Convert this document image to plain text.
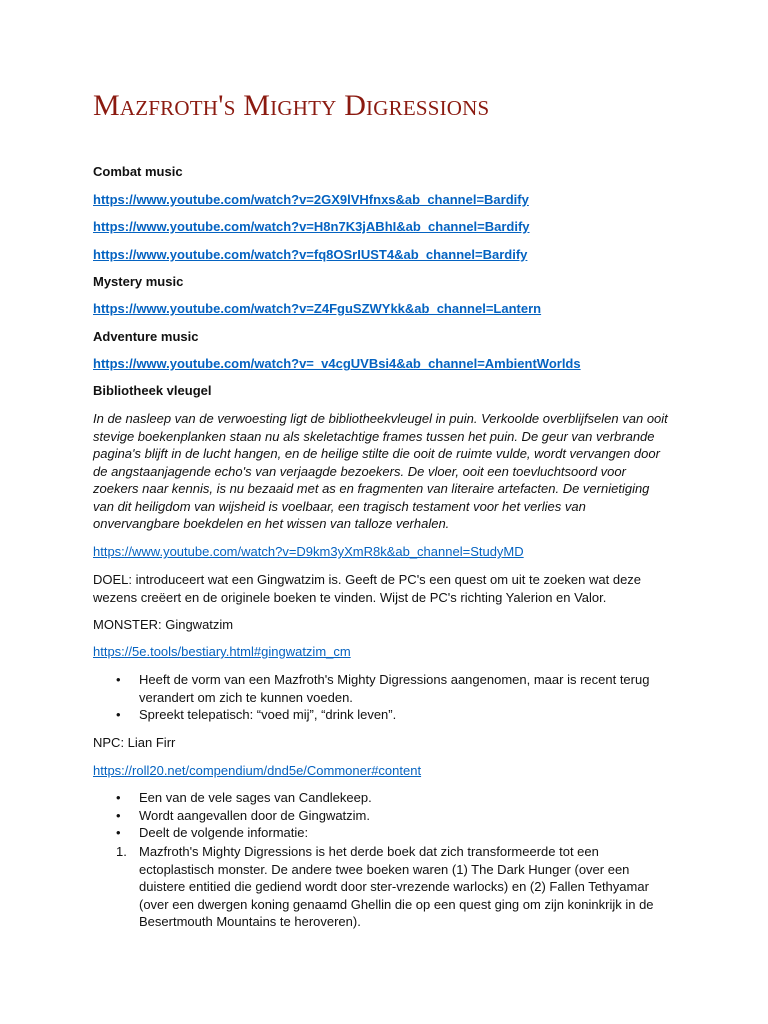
Mazfroth's Mighty Digressions

Combat music

https://www.youtube.com/watch?v=2GX9lVHfnxs&ab_channel=Bardify
https://www.youtube.com/watch?v=H8n7K3jABhI&ab_channel=Bardify
https://www.youtube.com/watch?v=fq8OSrIUST4&ab_channel=Bardify

Mystery music

https://www.youtube.com/watch?v=Z4FguSZWYkk&ab_channel=Lantern

Adventure music

https://www.youtube.com/watch?v=_v4cgUVBsi4&ab_channel=AmbientWorlds

Bibliotheek vleugel

In de nasleep van de verwoesting ligt de bibliotheekvleugel in puin. Verkoolde overblijfselen van ooit stevige boekenplanken staan nu als skeletachtige frames tussen het puin. De geur van verbrande pagina's blijft in de lucht hangen, en de heilige stilte die ooit de ruimte vulde, wordt vervangen door de angstaanjagende echo's van verjaagde bezoekers. De vloer, ooit een toevluchtsoord voor zoekers naar kennis, is nu bezaaid met as en fragmenten van literaire artefacten. De vernietiging van dit heiligdom van wijsheid is voelbaar, een tragisch testament voor het verlies van onvervangbare boekdelen en het wissen van talloze verhalen.

https://www.youtube.com/watch?v=D9km3yXmR8k&ab_channel=StudyMD

DOEL: introduceert wat een Gingwatzim is. Geeft de PC's een quest om uit te zoeken wat deze wezens creëert en de originele boeken te vinden. Wijst de PC's richting Yalerion en Valor.

MONSTER: Gingwatzim

https://5e.tools/bestiary.html#gingwatzim_cm
• Heeft de vorm van een Mazfroth's Mighty Digressions aangenomen, maar is recent terug verandert om zich te kunnen voeden.
• Spreekt telepatisch: “voed mij”, “drink leven”.

NPC: Lian Firr

https://roll20.net/compendium/dnd5e/Commoner#content
• Een van de vele sages van Candlekeep.
• Wordt aangevallen door de Gingwatzim.
• Deelt de volgende informatie:
1. Mazfroth's Mighty Digressions is het derde boek dat zich transformeerde tot een ectoplastisch monster. De andere twee boeken waren (1) The Dark Hunger (over een duistere entitied die gediend wordt door ster-vrezende warlocks) en (2) Fallen Tethyamar (over een dwergen koning genaamd Ghellin die op een quest ging om zijn koninkrijk in de Besertmouth Mountains te heroveren).
